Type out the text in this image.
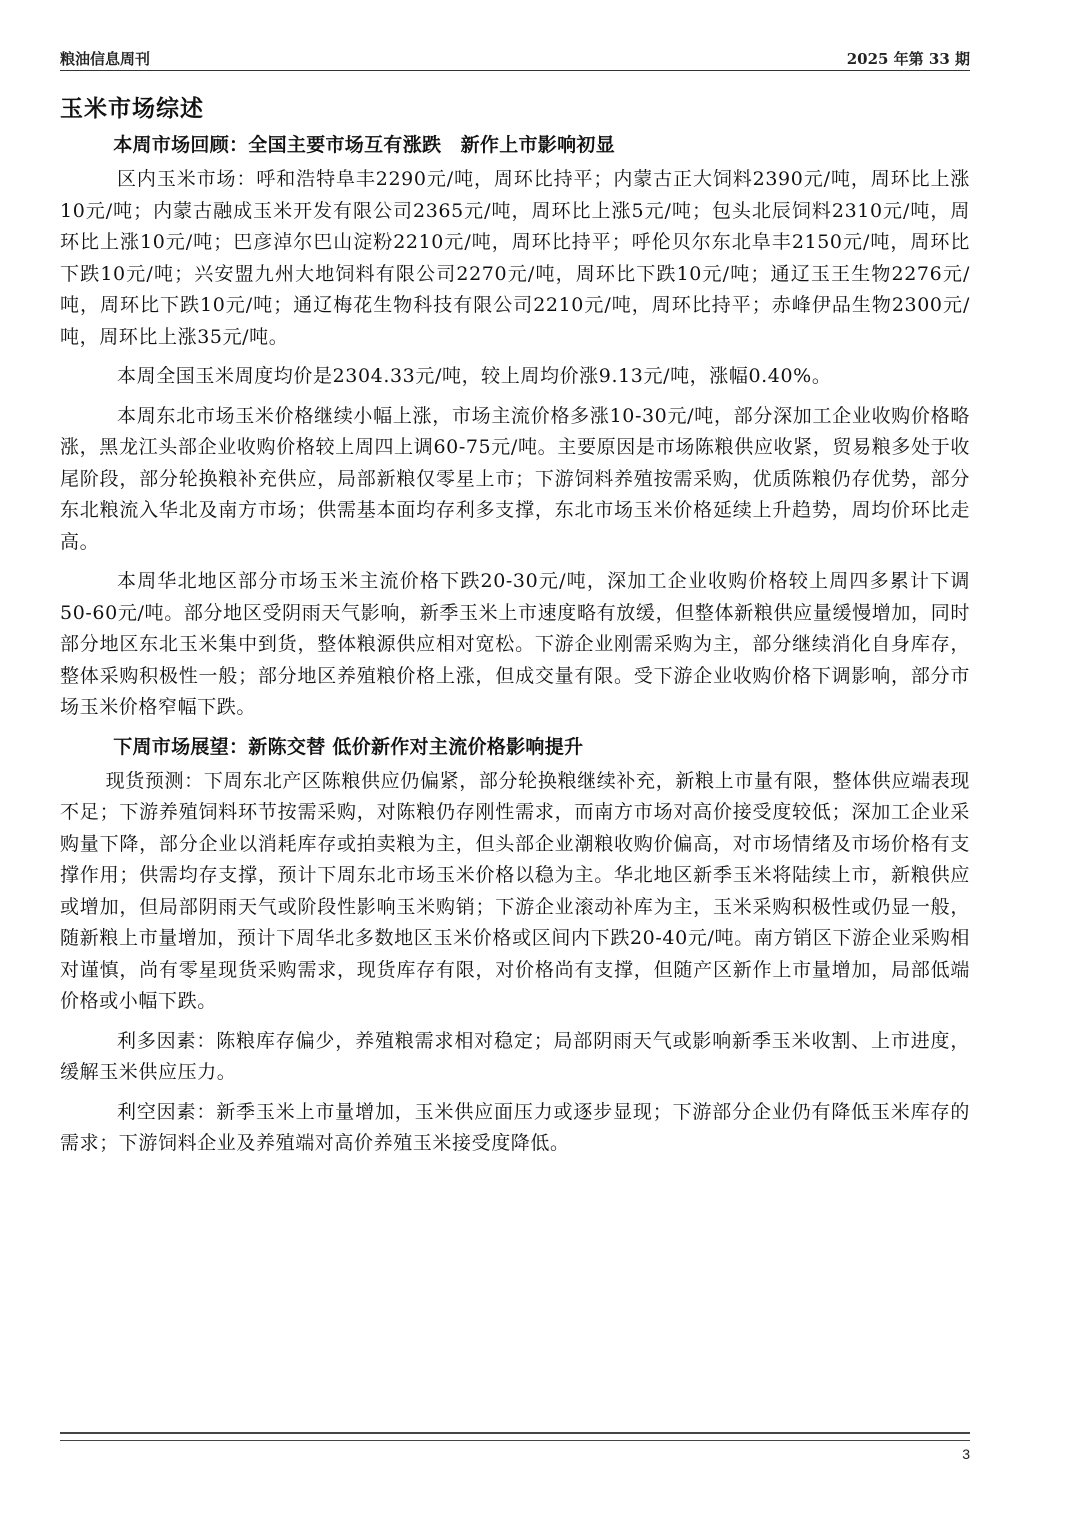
粮油信息周刊	2025 年第 33 期
玉米市场综述
本周市场回顾：全国主要市场互有涨跌　新作上市影响初显

区内玉米市场：呼和浩特阜丰2290元/吨，周环比持平；内蒙古正大饲料2390元/吨，周环比上涨10元/吨；内蒙古融成玉米开发有限公司2365元/吨，周环比上涨5元/吨；包头北辰饲料2310元/吨，周环比上涨10元/吨；巴彦淖尔巴山淀粉2210元/吨，周环比持平；呼伦贝尔东北阜丰2150元/吨，周环比下跌10元/吨；兴安盟九州大地饲料有限公司2270元/吨，周环比下跌10元/吨；通辽玉王生物2276元/吨，周环比下跌10元/吨；通辽梅花生物科技有限公司2210元/吨，周环比持平；赤峰伊品生物2300元/吨，周环比上涨35元/吨。

本周全国玉米周度均价是2304.33元/吨，较上周均价涨9.13元/吨，涨幅0.40%。

本周东北市场玉米价格继续小幅上涨，市场主流价格多涨10-30元/吨，部分深加工企业收购价格略涨，黑龙江头部企业收购价格较上周四上调60-75元/吨。主要原因是市场陈粮供应收紧，贸易粮多处于收尾阶段，部分轮换粮补充供应，局部新粮仅零星上市；下游饲料养殖按需采购，优质陈粮仍存优势，部分东北粮流入华北及南方市场；供需基本面均存利多支撑，东北市场玉米价格延续上升趋势，周均价环比走高。

本周华北地区部分市场玉米主流价格下跌20-30元/吨，深加工企业收购价格较上周四多累计下调50-60元/吨。部分地区受阴雨天气影响，新季玉米上市速度略有放缓，但整体新粮供应量缓慢增加，同时部分地区东北玉米集中到货，整体粮源供应相对宽松。下游企业刚需采购为主，部分继续消化自身库存，整体采购积极性一般；部分地区养殖粮价格上涨，但成交量有限。受下游企业收购价格下调影响，部分市场玉米价格窄幅下跌。

下周市场展望：新陈交替 低价新作对主流价格影响提升

现货预测：下周东北产区陈粮供应仍偏紧，部分轮换粮继续补充，新粮上市量有限，整体供应端表现不足；下游养殖饲料环节按需采购，对陈粮仍存刚性需求，而南方市场对高价接受度较低；深加工企业采购量下降，部分企业以消耗库存或拍卖粮为主，但头部企业潮粮收购价偏高，对市场情绪及市场价格有支撑作用；供需均存支撑，预计下周东北市场玉米价格以稳为主。华北地区新季玉米将陆续上市，新粮供应或增加，但局部阴雨天气或阶段性影响玉米购销；下游企业滚动补库为主，玉米采购积极性或仍显一般，随新粮上市量增加，预计下周华北多数地区玉米价格或区间内下跌20-40元/吨。南方销区下游企业采购相对谨慎，尚有零星现货采购需求，现货库存有限，对价格尚有支撑，但随产区新作上市量增加，局部低端价格或小幅下跌。

利多因素：陈粮库存偏少，养殖粮需求相对稳定；局部阴雨天气或影响新季玉米收割、上市进度，缓解玉米供应压力。

利空因素：新季玉米上市量增加，玉米供应面压力或逐步显现；下游部分企业仍有降低玉米库存的需求；下游饲料企业及养殖端对高价养殖玉米接受度降低。

3
